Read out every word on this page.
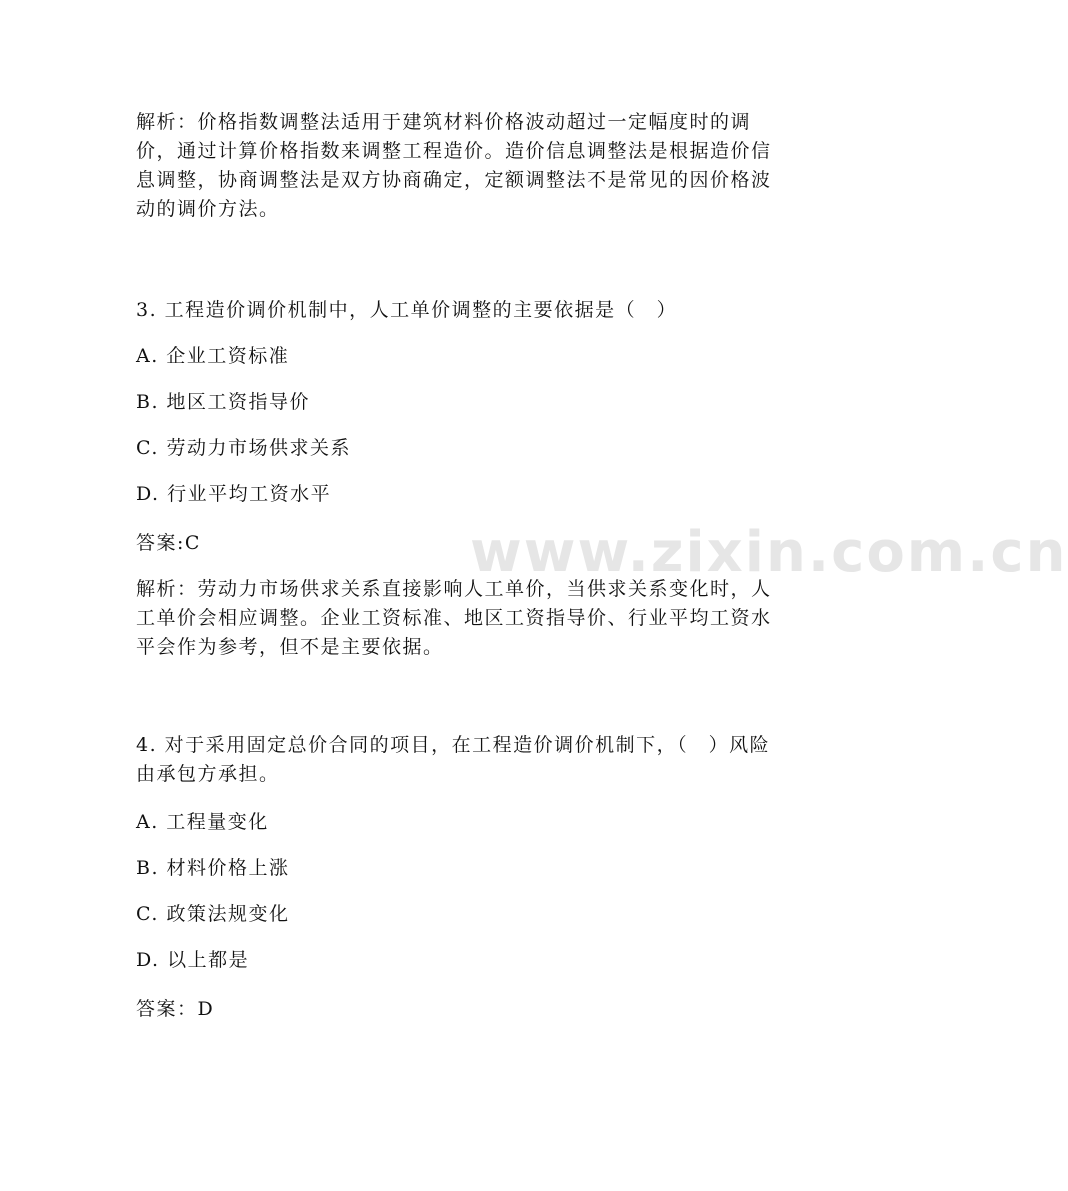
www.zixin.com.cn

解析：价格指数调整法适用于建筑材料价格波动超过一定幅度时的调价，通过计算价格指数来调整工程造价。造价信息调整法是根据造价信息调整，协商调整法是双方协商确定，定额调整法不是常见的因价格波动的调价方法。

3. 工程造价调价机制中，人工单价调整的主要依据是（　）

A. 企业工资标准

B. 地区工资指导价

C. 劳动力市场供求关系

D. 行业平均工资水平

答案:C

解析：劳动力市场供求关系直接影响人工单价，当供求关系变化时，人工单价会相应调整。企业工资标准、地区工资指导价、行业平均工资水平会作为参考，但不是主要依据。

4. 对于采用固定总价合同的项目，在工程造价调价机制下，（　）风险由承包方承担。

A. 工程量变化

B. 材料价格上涨

C. 政策法规变化

D. 以上都是

答案：D
